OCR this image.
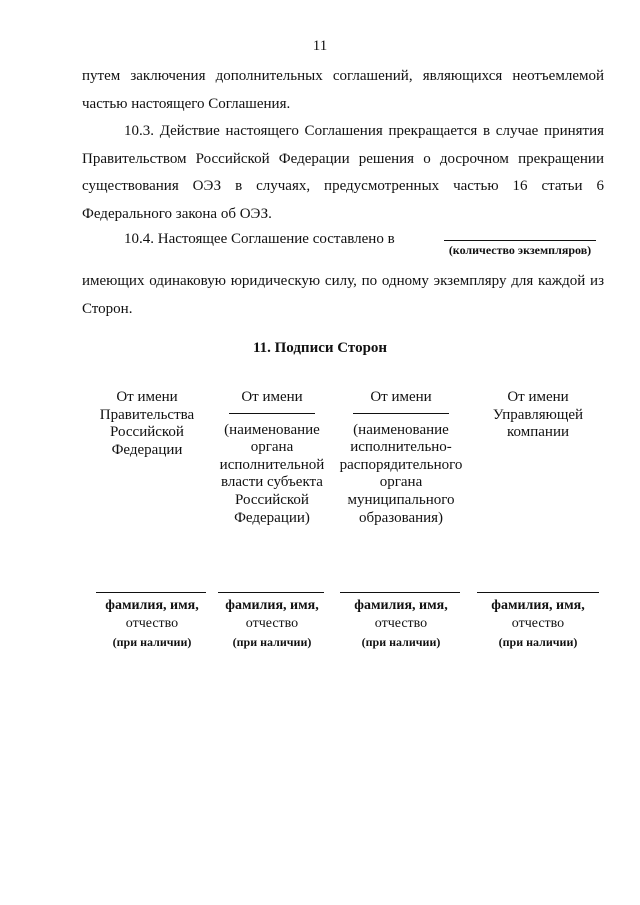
11
путем заключения дополнительных соглашений, являющихся неотъемлемой частью настоящего Соглашения.
10.3. Действие настоящего Соглашения прекращается в случае принятия Правительством Российской Федерации решения о досрочном прекращении существования ОЭЗ в случаях, предусмотренных частью 16 статьи 6 Федерального закона об ОЭЗ.
10.4. Настоящее Соглашение составлено в
(количество экземпляров)
имеющих одинаковую юридическую силу, по одному экземпляру для каждой из Сторон.
11. Подписи Сторон
От имени
Правительства
Российской
Федерации
От имени
(наименование
органа
исполнительной
власти субъекта
Российской
Федерации)
От имени
(наименование
исполнительно-
распорядительного
органа
муниципального
образования)
От имени
Управляющей
компании
фамилия, имя,
отчество
(при наличии)
фамилия, имя,
отчество
(при наличии)
фамилия, имя,
отчество
(при наличии)
фамилия, имя,
отчество
(при наличии)
